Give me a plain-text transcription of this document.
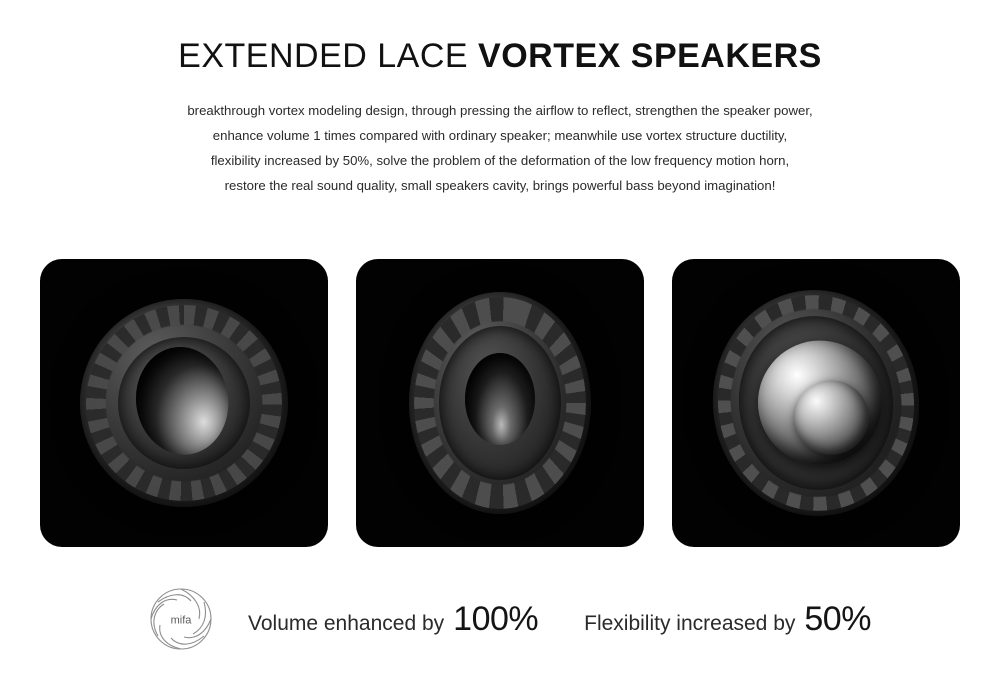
EXTENDED LACE VORTEX SPEAKERS
breakthrough vortex modeling design, through pressing the airflow to reflect, strengthen the speaker power,
enhance volume 1 times compared with ordinary speaker; meanwhile use vortex structure ductility,
flexibility increased by 50%, solve the problem of the deformation of the low frequency motion horn,
restore the real sound quality, small speakers cavity, brings powerful bass beyond imagination!
mifa	Volume enhanced by 100% Flexibility increased by 50%
